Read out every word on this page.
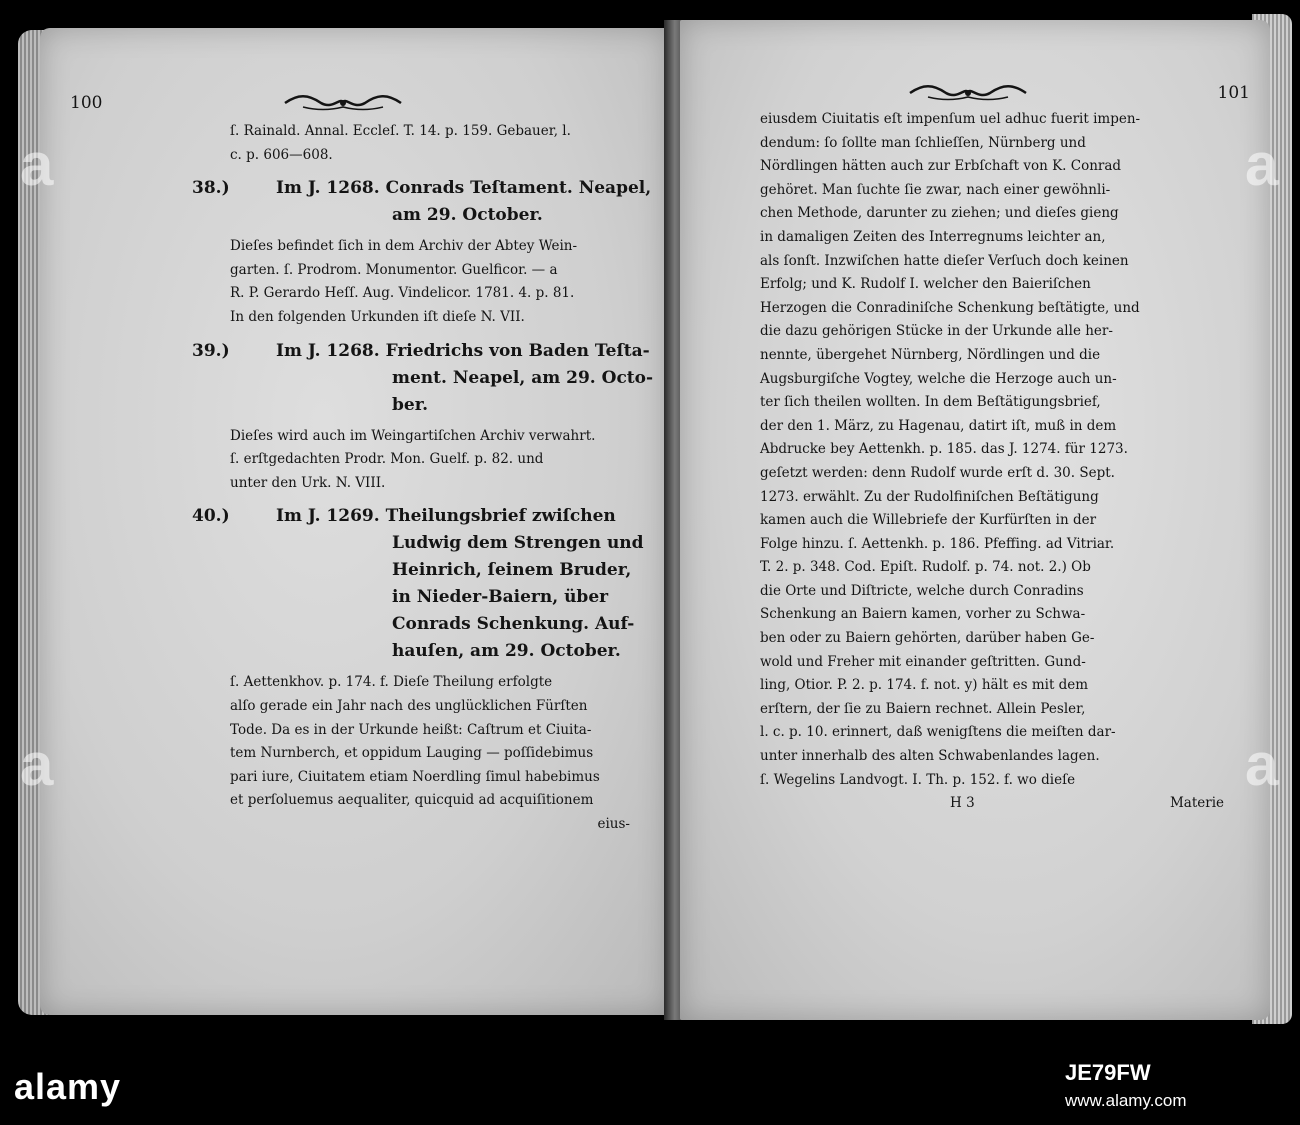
100
ſ. Rainald. Annal. Eccleſ. T. 14. p. 159. Gebauer, l.
c. p. 606—608.
38.)	Im J. 1268. Conrads Teſtament. Neapel,
am 29. October.
Dieſes befindet ſich in dem Archiv der Abtey Wein-
garten. ſ. Prodrom. Monumentor. Guelficor. — a
R. P. Gerardo Heſſ. Aug. Vindelicor. 1781. 4. p. 81.
In den folgenden Urkunden iſt dieſe N. VII.
39.)	Im J. 1268. Friedrichs von Baden Teſta-
ment. Neapel, am 29. Octo-
ber.
Dieſes wird auch im Weingartiſchen Archiv verwahrt.
ſ. erſtgedachten Prodr. Mon. Guelf. p. 82. und
unter den Urk. N. VIII.
40.)	Im J. 1269. Theilungsbrief zwiſchen
Ludwig dem Strengen und
Heinrich, ſeinem Bruder,
in Nieder-Baiern, über
Conrads Schenkung. Auf-
hauſen, am 29. October.
ſ. Aettenkhov. p. 174. f. Dieſe Theilung erfolgte
alſo gerade ein Jahr nach des unglücklichen Fürſten
Tode. Da es in der Urkunde heißt: Caſtrum et Ciuita-
tem Nurnberch, et oppidum Lauging — poſſidebimus
pari iure, Ciuitatem etiam Noerdling ſimul habebimus
et perſoluemus aequaliter, quicquid ad acquiſitionem
eius-
101
eiusdem Ciuitatis eſt impenſum uel adhuc fuerit impen-
dendum: ſo ſollte man ſchlieſſen, Nürnberg und
Nördlingen hätten auch zur Erbſchaft von K. Conrad
gehöret. Man ſuchte ſie zwar, nach einer gewöhnli-
chen Methode, darunter zu ziehen; und dieſes gieng
in damaligen Zeiten des Interregnums leichter an,
als ſonſt. Inzwiſchen hatte dieſer Verſuch doch keinen
Erfolg; und K. Rudolf I. welcher den Baieriſchen
Herzogen die Conradiniſche Schenkung beſtätigte, und
die dazu gehörigen Stücke in der Urkunde alle her-
nennte, übergehet Nürnberg, Nördlingen und die
Augsburgiſche Vogtey, welche die Herzoge auch un-
ter ſich theilen wollten. In dem Beſtätigungsbrief,
der den 1. März, zu Hagenau, datirt iſt, muß in dem
Abdrucke bey Aettenkh. p. 185. das J. 1274. für 1273.
geſetzt werden: denn Rudolf wurde erſt d. 30. Sept.
1273. erwählt. Zu der Rudolfiniſchen Beſtätigung
kamen auch die Willebriefe der Kurfürſten in der
Folge hinzu. ſ. Aettenkh. p. 186. Pfeffing. ad Vitriar.
T. 2. p. 348. Cod. Epiſt. Rudolf. p. 74. not. 2.) Ob
die Orte und Diſtricte, welche durch Conradins
Schenkung an Baiern kamen, vorher zu Schwa-
ben oder zu Baiern gehörten, darüber haben Ge-
wold und Freher mit einander geſtritten. Gund-
ling, Otior. P. 2. p. 174. f. not. y) hält es mit dem
erſtern, der ſie zu Baiern rechnet. Allein Pesler,
l. c. p. 10. erinnert, daß wenigſtens die meiſten dar-
unter innerhalb des alten Schwabenlandes lagen.
ſ. Wegelins Landvogt. I. Th. p. 152. f. wo dieſe
H 3	Materie
a
a
a
a
alamy	JE79FW
www.alamy.com
